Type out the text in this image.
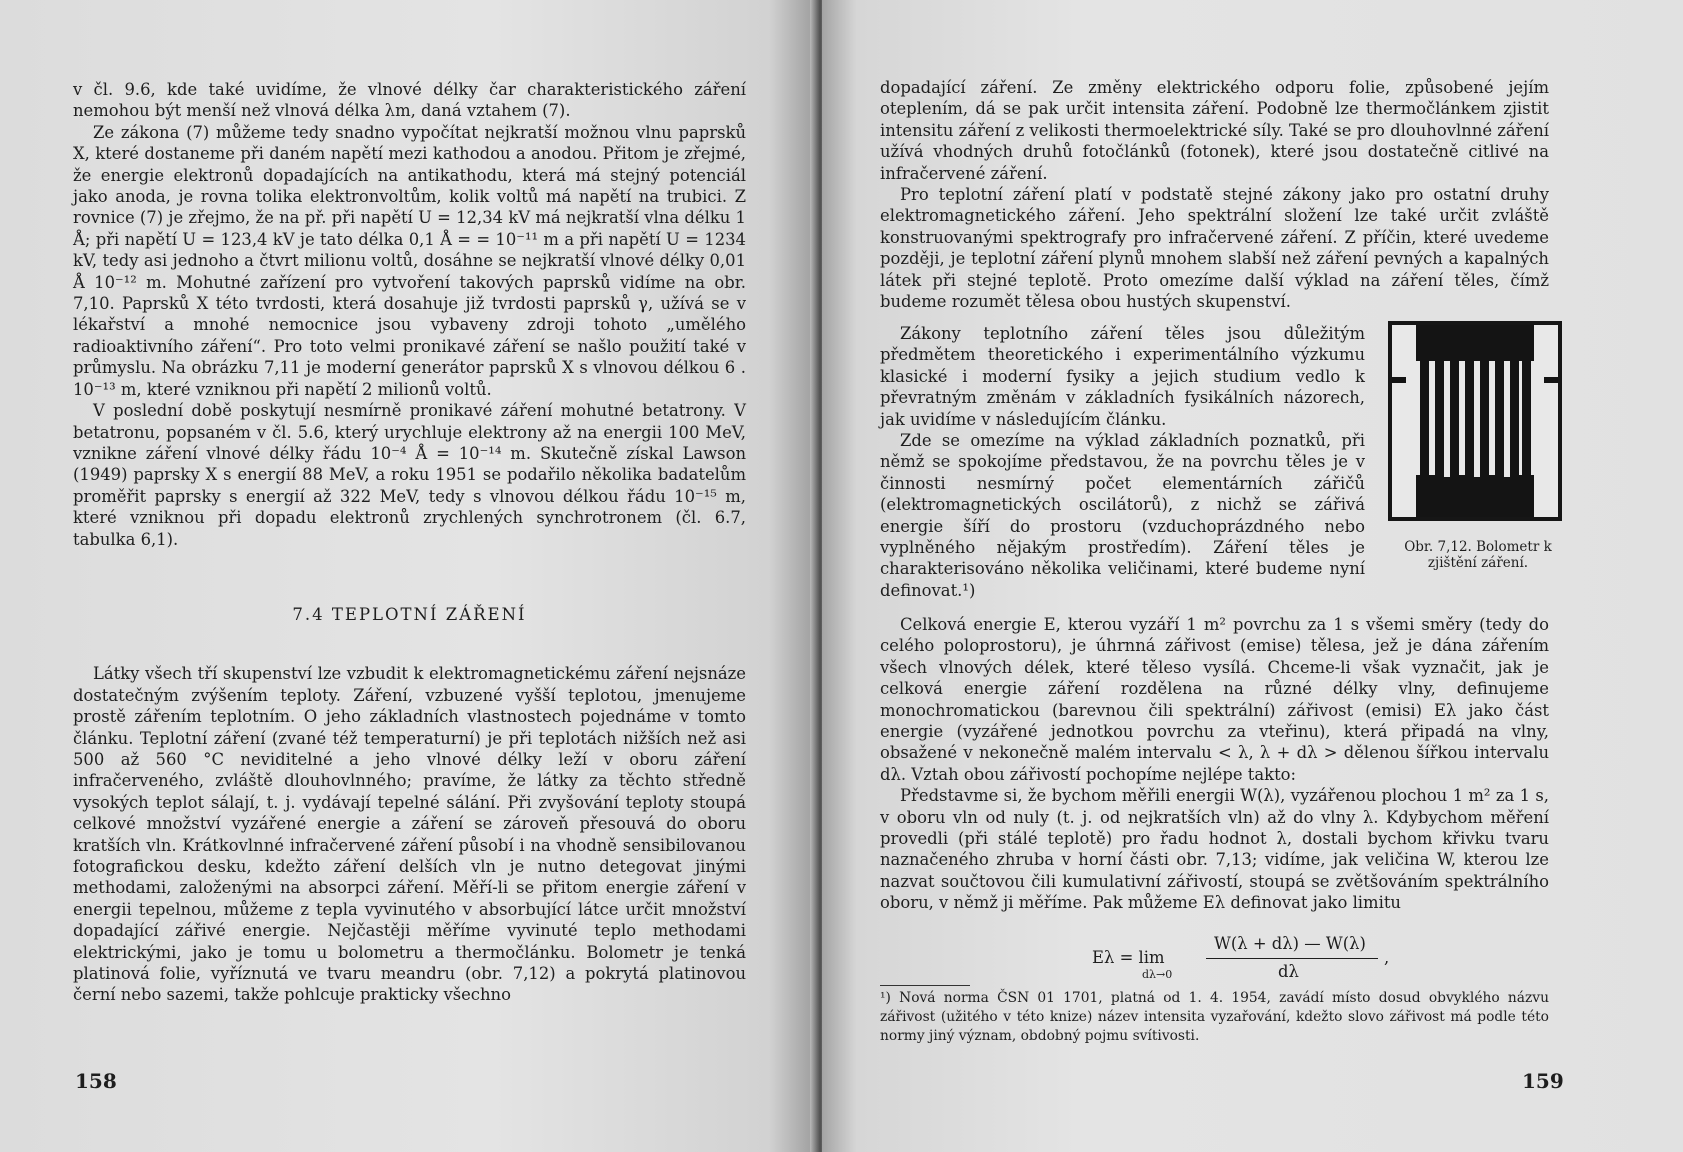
v čl. 9.6, kde také uvidíme, že vlnové délky čar charakteristického záření nemohou být menší než vlnová délka λm, daná vztahem (7).

Ze zákona (7) můžeme tedy snadno vypočítat nejkratší možnou vlnu paprsků X, které dostaneme při daném napětí mezi kathodou a anodou. Přitom je zřejmé, že energie elektronů dopadajících na antikathodu, která má stejný potenciál jako anoda, je rovna tolika elektronvoltům, kolik voltů má napětí na trubici. Z rovnice (7) je zřejmo, že na př. při napětí U = 12,34 kV má nejkratší vlna délku 1 Å; při napětí U = 123,4 kV je tato délka 0,1 Å = = 10⁻¹¹ m a při napětí U = 1234 kV, tedy asi jednoho a čtvrt milionu voltů, dosáhne se nejkratší vlnové délky 0,01 Å 10⁻¹² m. Mohutné zařízení pro vytvoření takových paprsků vidíme na obr. 7,10. Paprsků X této tvrdosti, která dosahuje již tvrdosti paprsků γ, užívá se v lékařství a mnohé nemocnice jsou vybaveny zdroji tohoto „umělého radioaktivního záření“. Pro toto velmi pronikavé záření se našlo použití také v průmyslu. Na obrázku 7,11 je moderní generátor paprsků X s vlnovou délkou 6 . 10⁻¹³ m, které vzniknou při napětí 2 milionů voltů.

V poslední době poskytují nesmírně pronikavé záření mohutné betatrony. V betatronu, popsaném v čl. 5.6, který urychluje elektrony až na energii 100 MeV, vznikne záření vlnové délky řádu 10⁻⁴ Å = 10⁻¹⁴ m. Skutečně získal Lawson (1949) paprsky X s energií 88 MeV, a roku 1951 se podařilo několika badatelům proměřit paprsky s energií až 322 MeV, tedy s vlnovou délkou řádu 10⁻¹⁵ m, které vzniknou při dopadu elektronů zrychlených synchrotronem (čl. 6.7, tabulka 6,1).

7.4 TEPLOTNÍ ZÁŘENÍ

Látky všech tří skupenství lze vzbudit k elektromagnetickému záření nejsnáze dostatečným zvýšením teploty. Záření, vzbuzené vyšší teplotou, jmenujeme prostě zářením teplotním. O jeho základních vlastnostech pojednáme v tomto článku. Teplotní záření (zvané též temperaturní) je při teplotách nižších než asi 500 až 560 °C neviditelné a jeho vlnové délky leží v oboru záření infračerveného, zvláště dlouhovlnného; pravíme, že látky za těchto středně vysokých teplot sálají, t. j. vydávají tepelné sálání. Při zvyšování teploty stoupá celkové množství vyzářené energie a záření se zároveň přesouvá do oboru kratších vln. Krátkovlnné infračervené záření působí i na vhodně sensibilovanou fotografickou desku, kdežto záření delších vln je nutno detegovat jinými methodami, založenými na absorpci záření. Měří-li se přitom energie záření v energii tepelnou, můžeme z tepla vyvinutého v absorbující látce určit množství dopadající zářivé energie. Nejčastěji měříme vyvinuté teplo methodami elektrickými, jako je tomu u bolometru a thermočlánku. Bolometr je tenká platinová folie, vyříznutá ve tvaru meandru (obr. 7,12) a pokrytá platinovou černí nebo sazemi, takže pohlcuje prakticky všechno

158

dopadající záření. Ze změny elektrického odporu folie, způsobené jejím oteplením, dá se pak určit intensita záření. Podobně lze thermočlánkem zjistit intensitu záření z velikosti thermoelektrické síly. Také se pro dlouhovlnné záření užívá vhodných druhů fotočlánků (fotonek), které jsou dostatečně citlivé na infračervené záření.

Pro teplotní záření platí v podstatě stejné zákony jako pro ostatní druhy elektromagnetického záření. Jeho spektrální složení lze také určit zvláště konstruovanými spektrografy pro infračervené záření. Z příčin, které uvedeme později, je teplotní záření plynů mnohem slabší než záření pevných a kapalných látek při stejné teplotě. Proto omezíme další výklad na záření těles, čímž budeme rozumět tělesa obou hustých skupenství.

Zákony teplotního záření těles jsou důležitým předmětem theoretického i experimentálního výzkumu klasické i moderní fysiky a jejich studium vedlo k převratným změnám v základních fysikálních názorech, jak uvidíme v následujícím článku.

Zde se omezíme na výklad základních poznatků, při němž se spokojíme představou, že na povrchu těles je v činnosti nesmírný počet elementárních zářičů (elektromagnetických oscilátorů), z nichž se zářivá energie šíří do prostoru (vzduchoprázdného nebo vyplněného nějakým prostředím). Záření těles je charakterisováno několika veličinami, které budeme nyní definovat.¹)

Obr. 7,12. Bolometr k zjištění záření.

Celková energie E, kterou vyzáří 1 m² povrchu za 1 s všemi směry (tedy do celého poloprostoru), je úhrnná zářivost (emise) tělesa, jež je dána zářením všech vlnových délek, které těleso vysílá. Chceme-li však vyznačit, jak je celková energie záření rozdělena na různé délky vlny, definujeme monochromatickou (barevnou čili spektrální) zářivost (emisi) Eλ jako část energie (vyzářené jednotkou povrchu za vteřinu), která připadá na vlny, obsažené v nekonečně malém intervalu < λ, λ + dλ > dělenou šířkou intervalu dλ. Vztah obou zářivostí pochopíme nejlépe takto:

Představme si, že bychom měřili energii W(λ), vyzářenou plochou 1 m² za 1 s, v oboru vln od nuly (t. j. od nejkratších vln) až do vlny λ. Kdybychom měření provedli (při stálé teplotě) pro řadu hodnot λ, dostali bychom křivku tvaru naznačeného zhruba v horní části obr. 7,13; vidíme, jak veličina W, kterou lze nazvat součtovou čili kumulativní zářivostí, stoupá se zvětšováním spektrálního oboru, v němž ji měříme. Pak můžeme Eλ definovat jako limitu

Eλ = lim
dλ→0
W(λ + dλ) — W(λ)
dλ
,
¹) Nová norma ČSN 01 1701, platná od 1. 4. 1954, zavádí místo dosud obvyklého názvu zářivost (užitého v této knize) název intensita vyzařování, kdežto slovo zářivost má podle této normy jiný význam, obdobný pojmu svítivosti.
159
